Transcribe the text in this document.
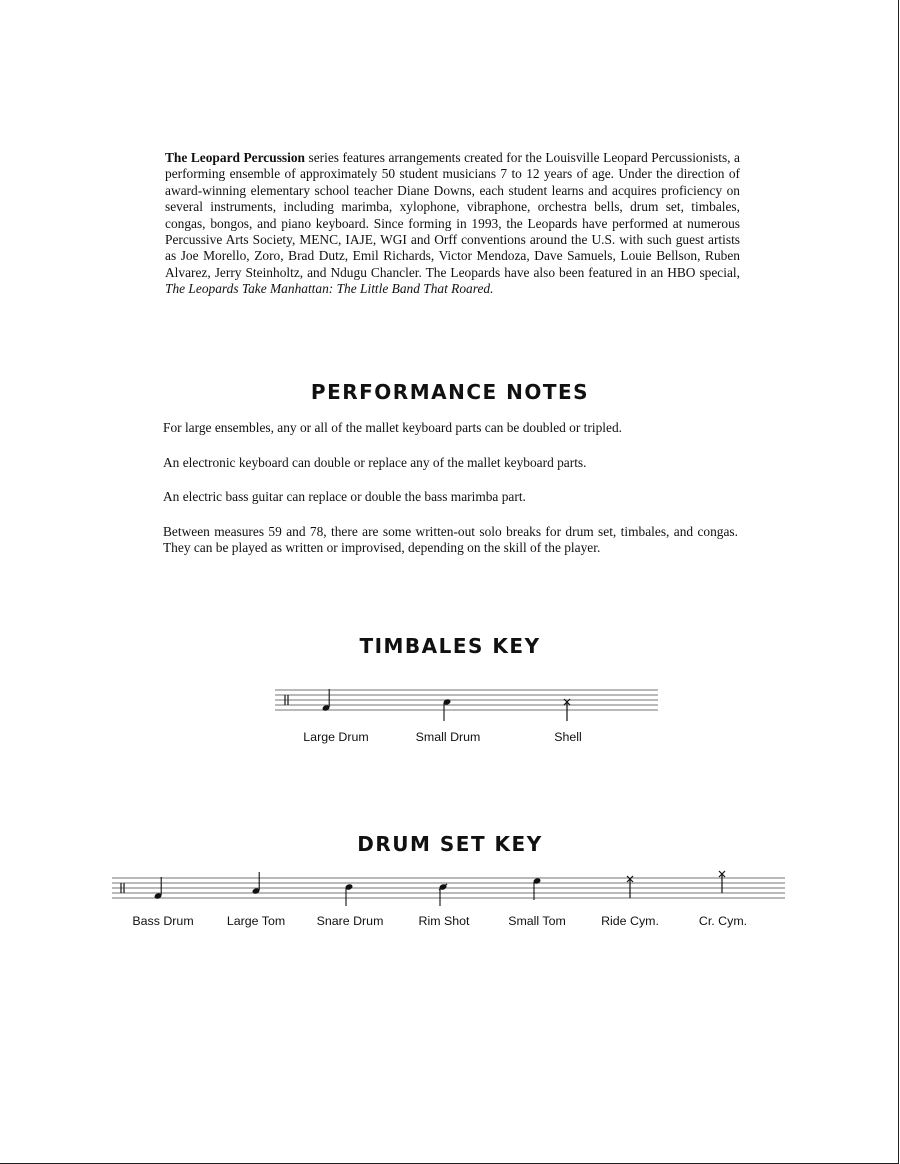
The Leopard Percussion series features arrangements created for the Louisville Leopard Percussionists, a performing ensemble of approximately 50 student musicians 7 to 12 years of age. Under the direction of award-winning elementary school teacher Diane Downs, each student learns and acquires proficiency on several instruments, including marimba, xylophone, vibraphone, orchestra bells, drum set, timbales, congas, bongos, and piano keyboard. Since forming in 1993, the Leopards have performed at numerous Percussive Arts Society, MENC, IAJE, WGI and Orff conventions around the U.S. with such guest artists as Joe Morello, Zoro, Brad Dutz, Emil Richards, Victor Mendoza, Dave Samuels, Louie Bellson, Ruben Alvarez, Jerry Steinholtz, and Ndugu Chancler. The Leopards have also been featured in an HBO special, The Leopards Take Manhattan: The Little Band That Roared.
PERFORMANCE NOTES
For large ensembles, any or all of the mallet keyboard parts can be doubled or tripled.
An electronic keyboard can double or replace any of the mallet keyboard parts.
An electric bass guitar can replace or double the bass marimba part.
Between measures 59 and 78, there are some written-out solo breaks for drum set, timbales, and congas. They can be played as written or improvised, depending on the skill of the player.
TIMBALES KEY
Large Drum	Small Drum	Shell
DRUM SET KEY
Bass Drum	Large Tom	Snare Drum	Rim Shot	Small Tom	Ride Cym.	Cr. Cym.
